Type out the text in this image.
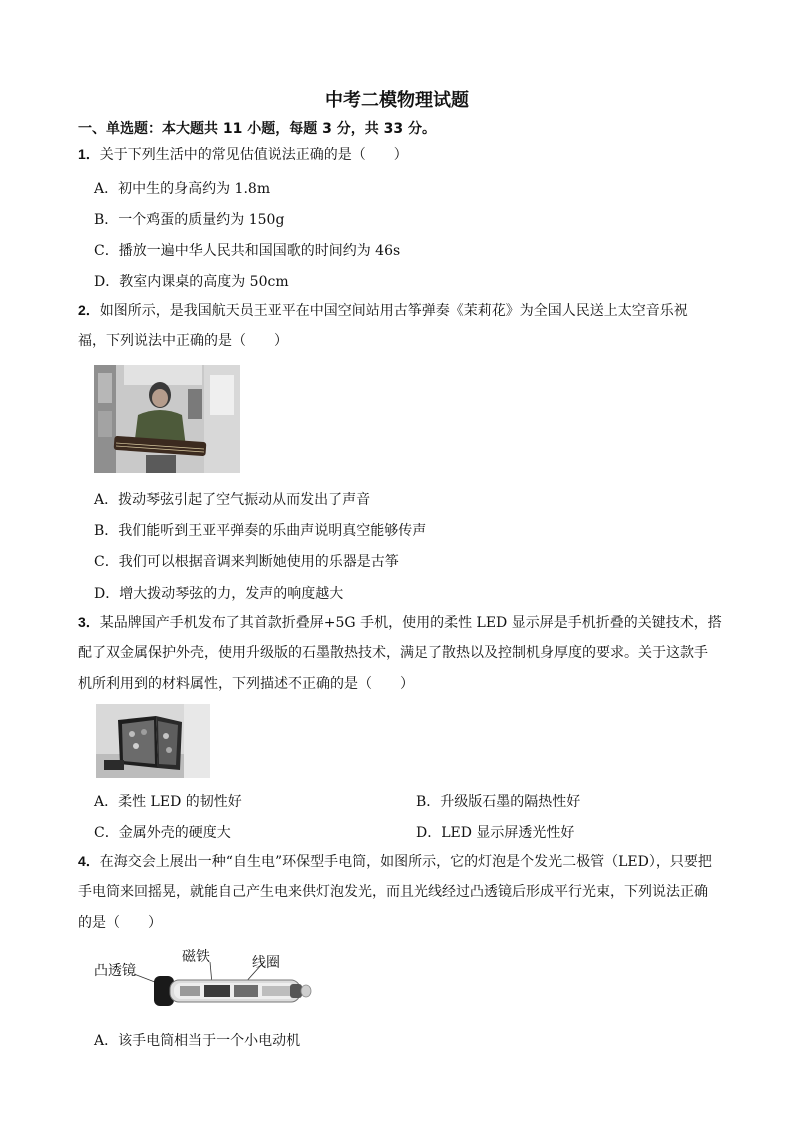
中考二模物理试题
一、单选题：本大题共 11 小题，每题 3 分，共 33 分。
1．关于下列生活中的常见估值说法正确的是（　　）
A．初中生的身高约为 1.8m
B．一个鸡蛋的质量约为 150g
C．播放一遍中华人民共和国国歌的时间约为 46s
D．教室内课桌的高度为 50cm
2．如图所示，是我国航天员王亚平在中国空间站用古筝弹奏《茉莉花》为全国人民送上太空音乐祝
福，下列说法中正确的是（　　）
A．拨动琴弦引起了空气振动从而发出了声音
B．我们能听到王亚平弹奏的乐曲声说明真空能够传声
C．我们可以根据音调来判断她使用的乐器是古筝
D．增大拨动琴弦的力，发声的响度越大
3．某品牌国产手机发布了其首款折叠屏+5G 手机，使用的柔性 LED 显示屏是手机折叠的关键技术，搭
配了双金属保护外壳，使用升级版的石墨散热技术，满足了散热以及控制机身厚度的要求。关于这款手
机所利用到的材料属性，下列描述不正确的是（　　）
A．柔性 LED 的韧性好	B．升级版石墨的隔热性好
C．金属外壳的硬度大	D．LED 显示屏透光性好
4．在海交会上展出一种“自生电”环保型手电筒，如图所示，它的灯泡是个发光二极管（LED），只要把
手电筒来回摇晃，就能自己产生电来供灯泡发光，而且光线经过凸透镜后形成平行光束，下列说法正确
的是（　　）
凸透镜
磁铁	线圈
A．该手电筒相当于一个小电动机
